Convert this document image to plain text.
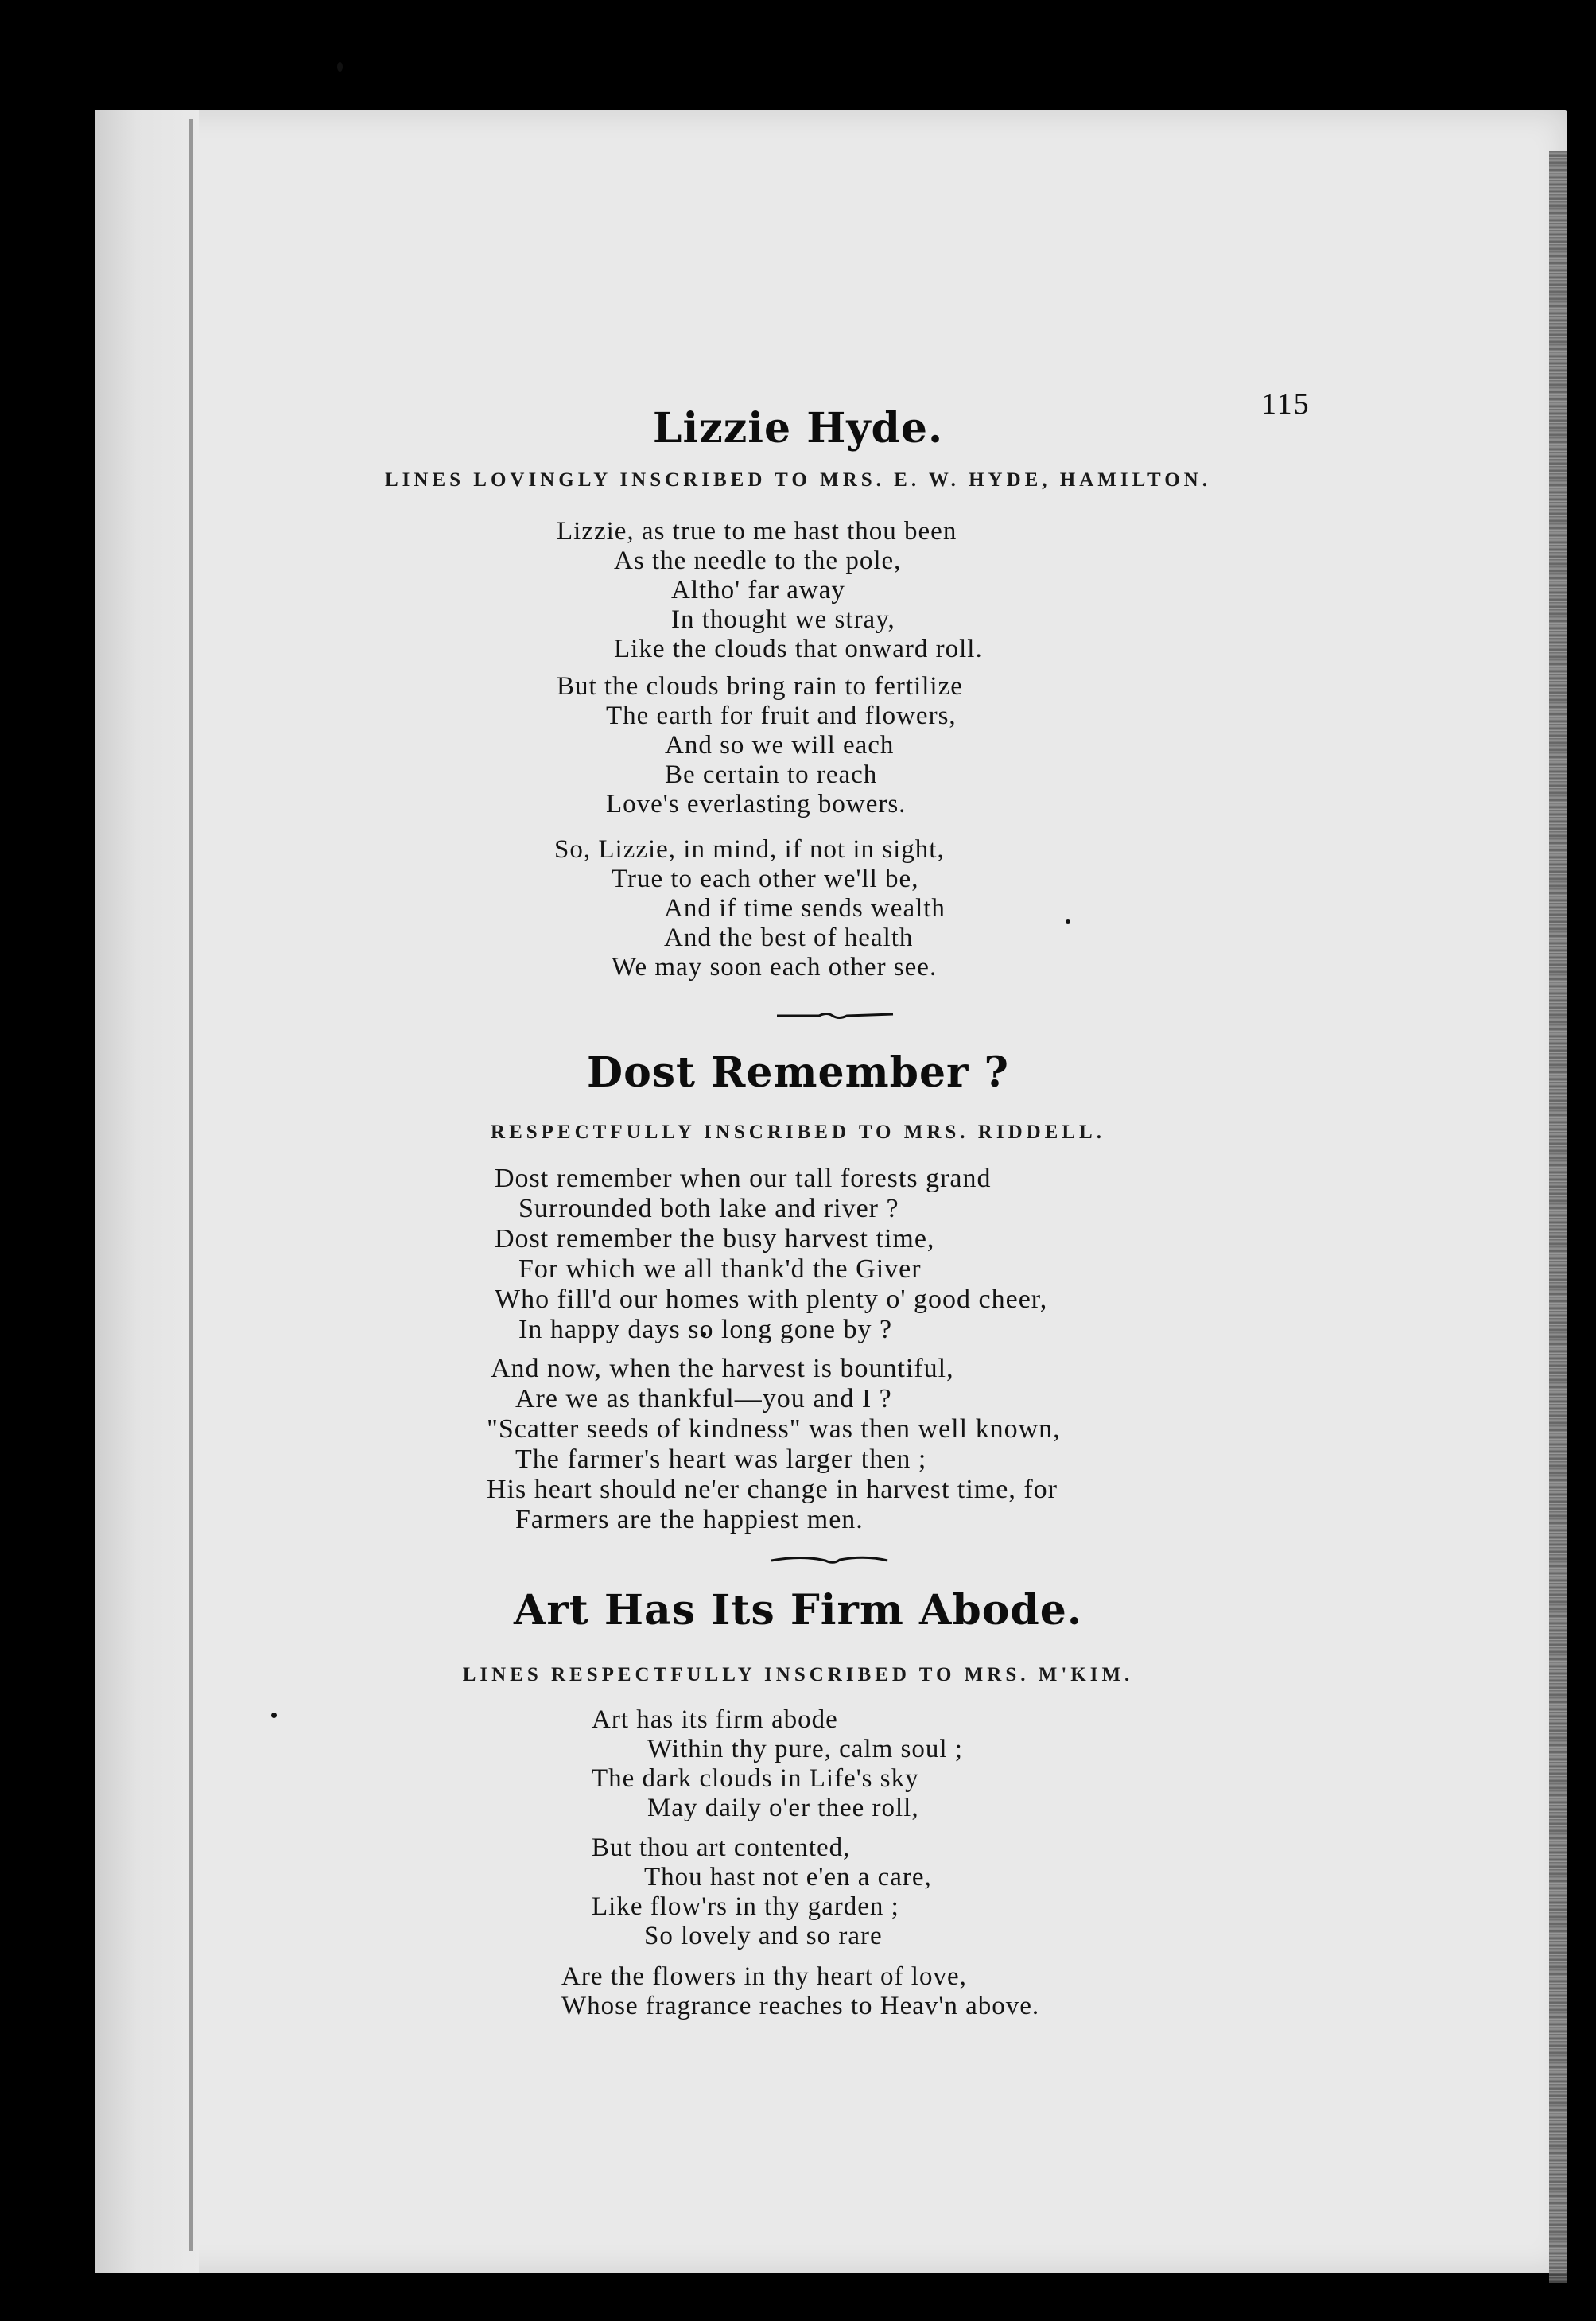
115
Lizzie Hyde.
LINES LOVINGLY INSCRIBED TO MRS. E. W. HYDE, HAMILTON.
Lizzie, as true to me hast thou been
As the needle to the pole,
Altho' far away
In thought we stray,
Like the clouds that onward roll.
But the clouds bring rain to fertilize
The earth for fruit and flowers,
And so we will each
Be certain to reach
Love's everlasting bowers.
So, Lizzie, in mind, if not in sight,
True to each other we'll be,
And if time sends wealth
And the best of health
We may soon each other see.
Dost Remember ?
RESPECTFULLY INSCRIBED TO MRS. RIDDELL.
Dost remember when our tall forests grand
Surrounded both lake and river ?
Dost remember the busy harvest time,
For which we all thank'd the Giver
Who fill'd our homes with plenty o' good cheer,
In happy days so long gone by ?
And now, when the harvest is bountiful,
Are we as thankful—you and I ?
"Scatter seeds of kindness" was then well known,
The farmer's heart was larger then ;
His heart should ne'er change in harvest time, for
Farmers are the happiest men.
Art Has Its Firm Abode.
LINES RESPECTFULLY INSCRIBED TO MRS. M'KIM.
Art has its firm abode
Within thy pure, calm soul ;
The dark clouds in Life's sky
May daily o'er thee roll,
But thou art contented,
Thou hast not e'en a care,
Like flow'rs in thy garden ;
So lovely and so rare
Are the flowers in thy heart of love,
Whose fragrance reaches to Heav'n above.
